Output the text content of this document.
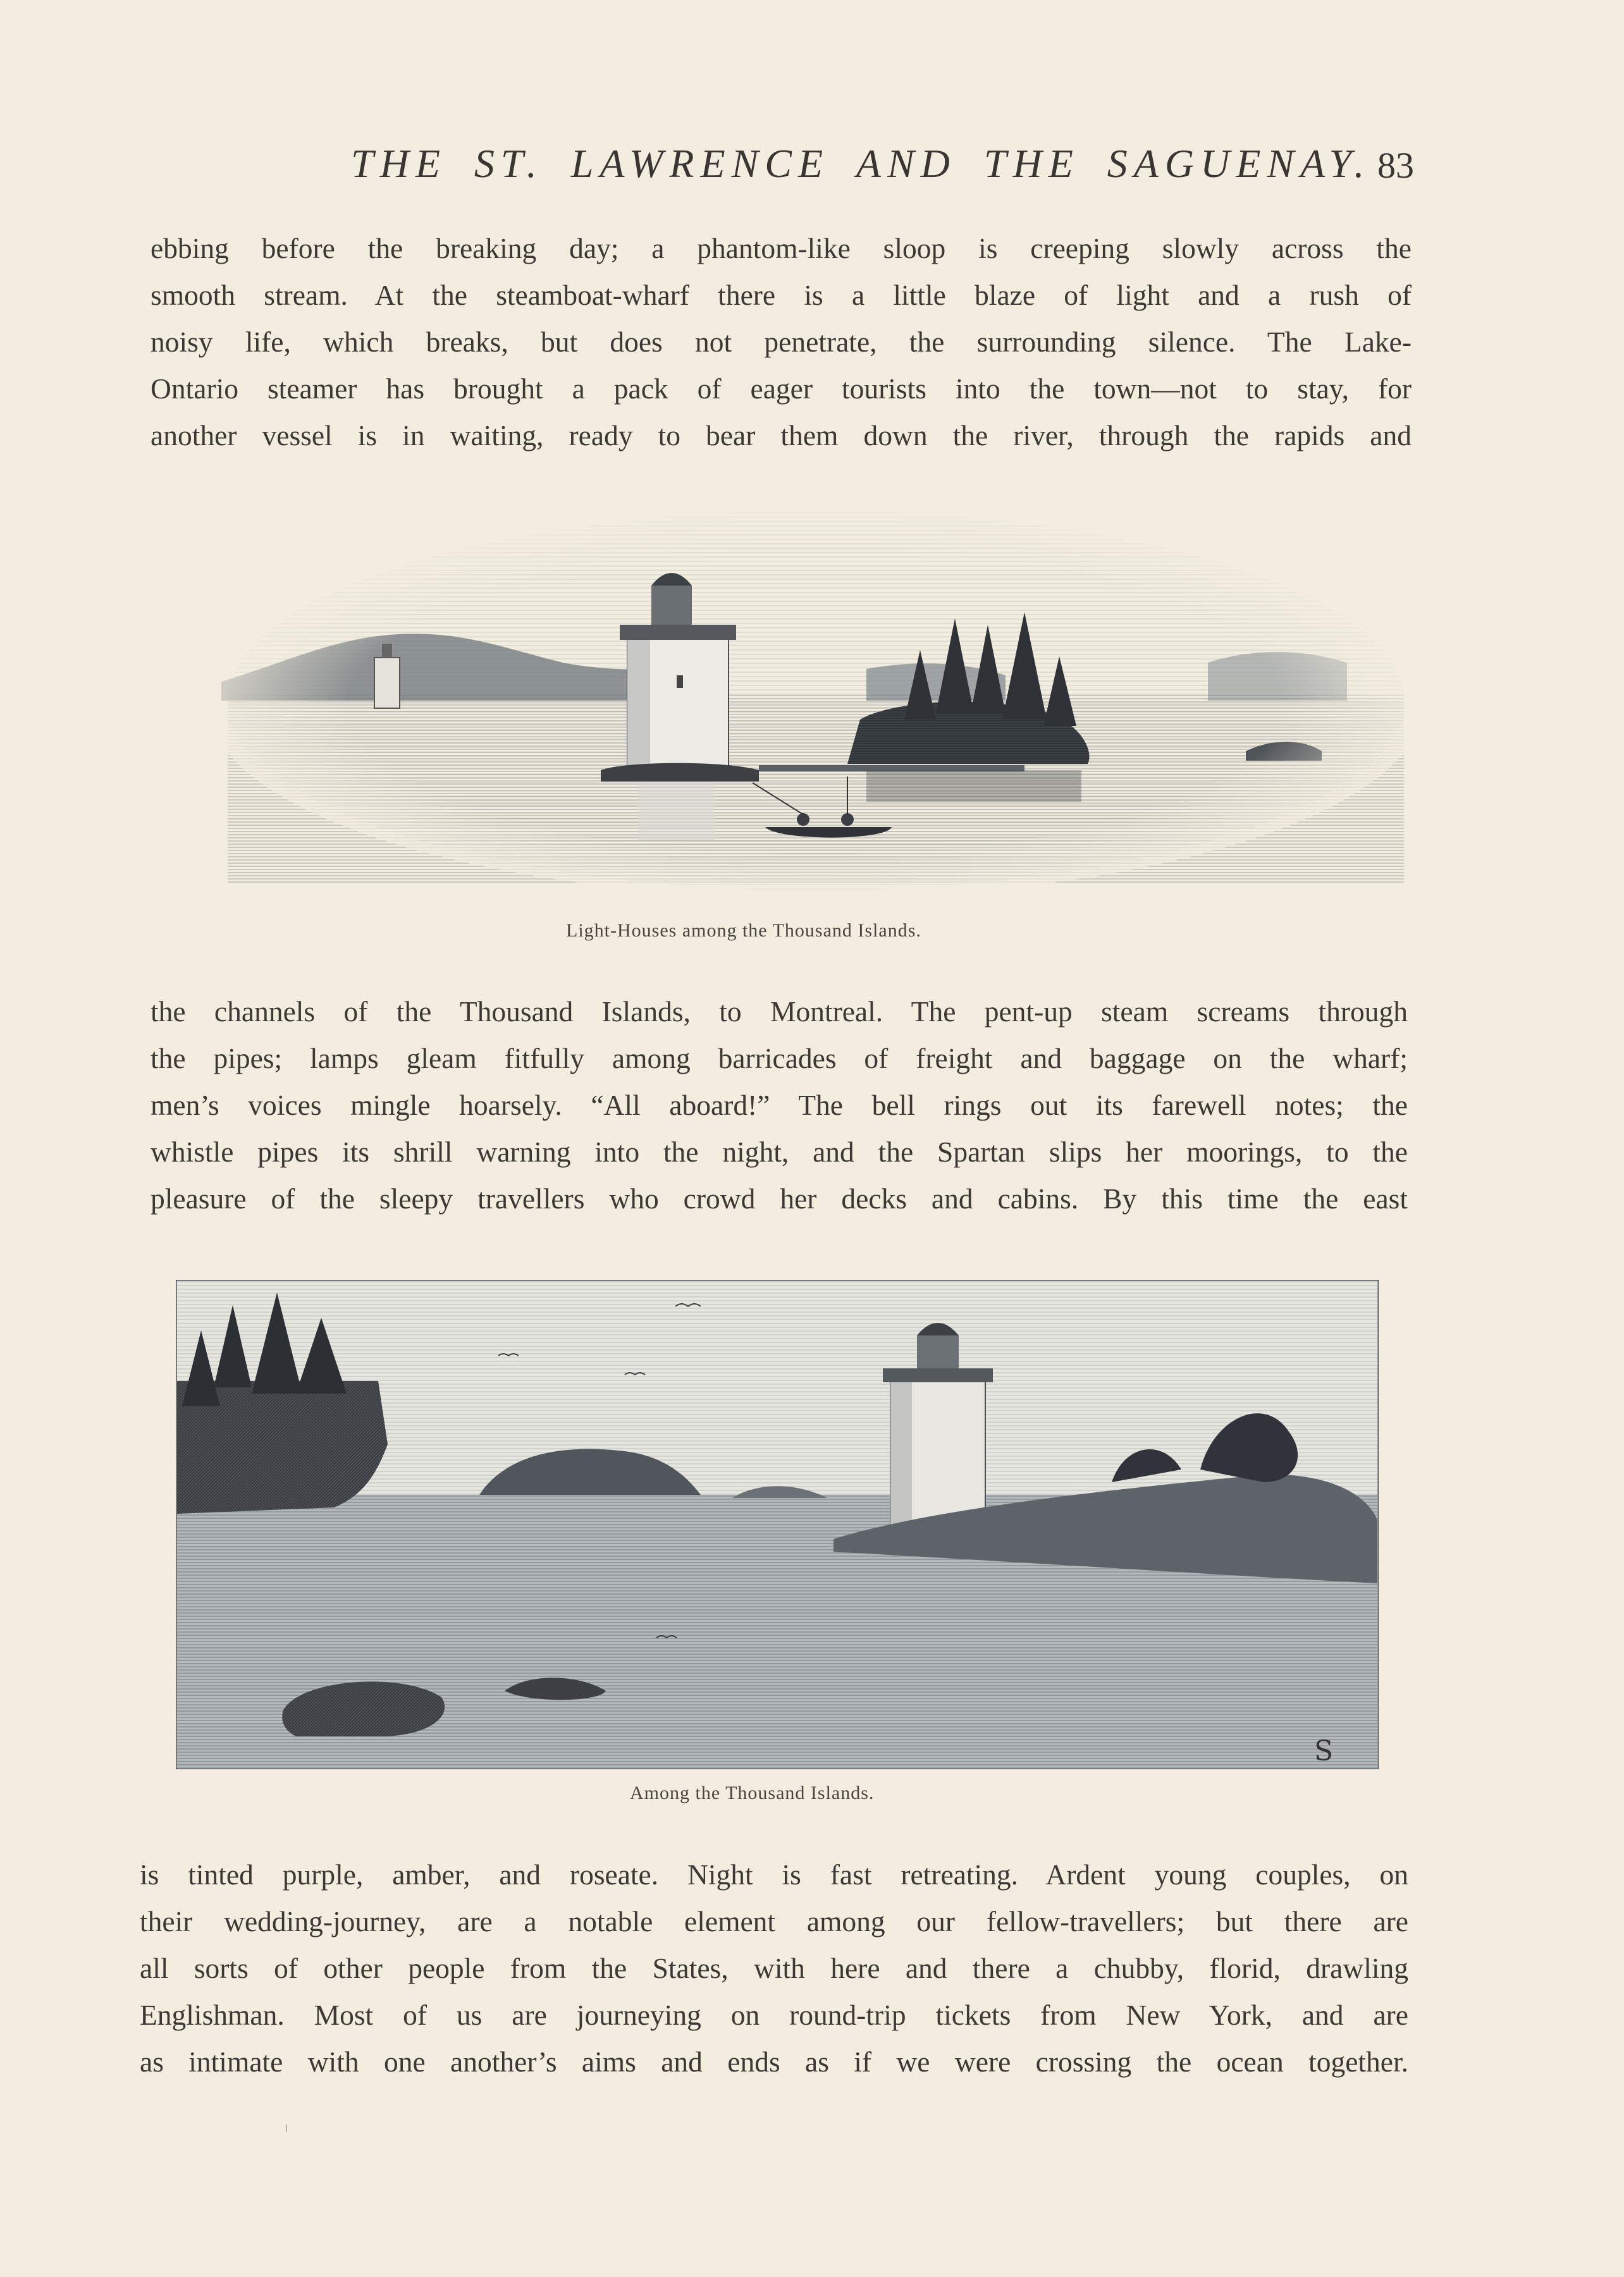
THE ST. LAWRENCE AND THE SAGUENAY. 83
ebbing before the breaking day; a phantom-like sloop is creeping slowly across the
smooth stream. At the steamboat-wharf there is a little blaze of light and a rush of
noisy life, which breaks, but does not penetrate, the surrounding silence. The Lake-
Ontario steamer has brought a pack of eager tourists into the town—not to stay, for
another vessel is in waiting, ready to bear them down the river, through the rapids and
Light-Houses among the Thousand Islands.
the channels of the Thousand Islands, to Montreal. The pent-up steam screams through
the pipes; lamps gleam fitfully among barricades of freight and baggage on the wharf;
men’s voices mingle hoarsely. “All aboard!” The bell rings out its farewell notes; the
whistle pipes its shrill warning into the night, and the Spartan slips her moorings, to the
pleasure of the sleepy travellers who crowd her decks and cabins. By this time the east
S
Among the Thousand Islands.
is tinted purple, amber, and roseate. Night is fast retreating. Ardent young couples, on
their wedding-journey, are a notable element among our fellow-travellers; but there are
all sorts of other people from the States, with here and there a chubby, florid, drawling
Englishman. Most of us are journeying on round-trip tickets from New York, and are
as intimate with one another’s aims and ends as if we were crossing the ocean together.
